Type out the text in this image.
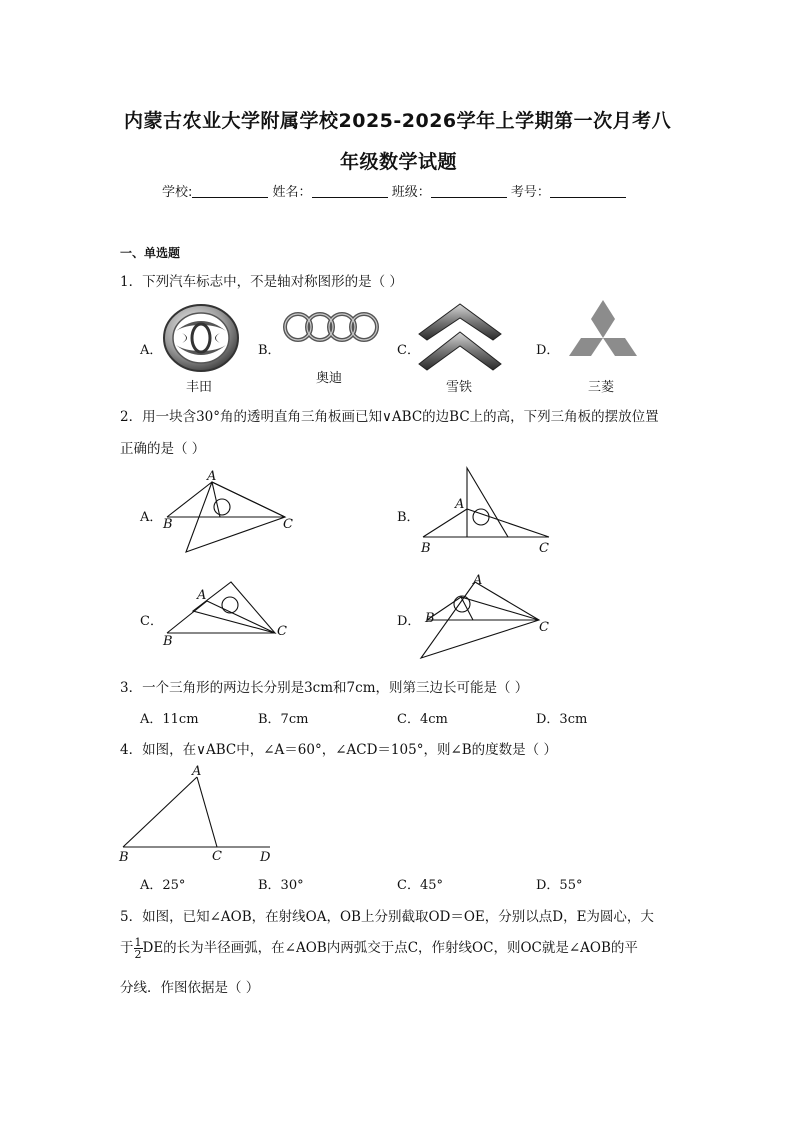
内蒙古农业大学附属学校2025-2026学年上学期第一次月考八
年级数学试题
学校:	姓名：	班级：	考号：
一、单选题
1．下列汽车标志中，不是轴对称图形的是（ ）
A．
丰田
B．
奥迪
C．
雪铁
D．
三菱
2．用一块含30°角的透明直角三角板画已知∨ABC的边BC上的高，下列三角板的摆放位置
正确的是（ ）
A．
A
B	C	B．
A
B	C
C．
A
B
C
D．
A
B
C
3．一个三角形的两边长分别是3cm和7cm，则第三边长可能是（ ）
A．11cm	B．7cm	C．4cm	D．3cm
4．如图，在∨ABC中，∠A＝60°，∠ACD＝105°，则∠B的度数是（ ）
A
B	C	D
A．25°	B．30°	C．45°	D．55°
5．如图，已知∠AOB，在射线OA，OB上分别截取OD＝OE，分别以点D，E为圆心，大
于 $\frac{1}{2}$ DE的长为半径画弧，在∠AOB内两弧交于点C，作射线OC，则OC就是∠AOB的平
分线．作图依据是（ ）
